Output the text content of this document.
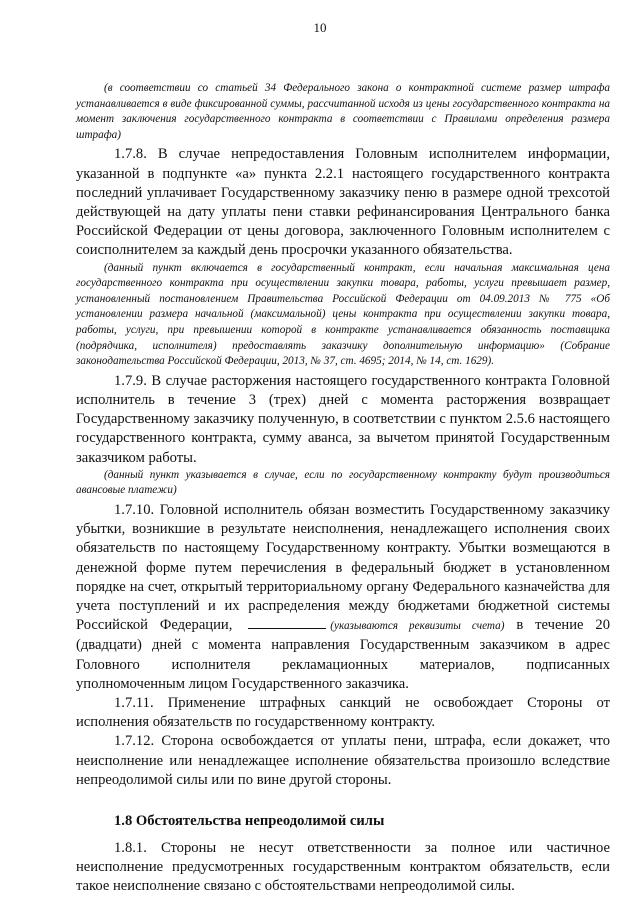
10

(в соответствии со статьей 34 Федерального закона о контрактной системе размер штрафа устанавливается в виде фиксированной суммы, рассчитанной исходя из цены государственного контракта на момент заключения государственного контракта в соответствии с Правилами определения размера штрафа)

1.7.8. В случае непредоставления Головным исполнителем информации, указанной в подпункте «а» пункта 2.2.1 настоящего государственного контракта последний уплачивает Государственному заказчику пеню в размере одной трехсотой действующей на дату уплаты пени ставки рефинансирования Центрального банка Российской Федерации от цены договора, заключенного Головным исполнителем с соисполнителем за каждый день просрочки указанного обязательства.

(данный пункт включается в государственный контракт, если начальная максимальная цена государственного контракта при осуществлении закупки товара, работы, услуги превышает размер, установленный постановлением Правительства Российской Федерации от 04.09.2013 № 775 «Об установлении размера начальной (максимальной) цены контракта при осуществлении закупки товара, работы, услуги, при превышении которой в контракте устанавливается обязанность поставщика (подрядчика, исполнителя) предоставлять заказчику дополнительную информацию» (Собрание законодательства Российской Федерации, 2013, № 37, ст. 4695; 2014, № 14, ст. 1629).

1.7.9. В случае расторжения настоящего государственного контракта Головной исполнитель в течение 3 (трех) дней с момента расторжения возвращает Государственному заказчику полученную, в соответствии с пунктом 2.5.6 настоящего государственного контракта, сумму аванса, за вычетом принятой Государственным заказчиком работы.

(данный пункт указывается в случае, если по государственному контракту будут производиться авансовые платежи)

1.7.10. Головной исполнитель обязан возместить Государственному заказчику убытки, возникшие в результате неисполнения, ненадлежащего исполнения своих обязательств по настоящему Государственному контракту. Убытки возмещаются в денежной форме путем перечисления в федеральный бюджет в установленном порядке на счет, открытый территориальному органу Федерального казначейства для учета поступлений и их распределения между бюджетами бюджетной системы Российской Федерации,	(указываются реквизиты счета) в течение 20 (двадцати) дней с момента направления Государственным заказчиком в адрес Головного исполнителя рекламационных материалов, подписанных уполномоченным лицом Государственного заказчика.

1.7.11. Применение штрафных санкций не освобождает Стороны от исполнения обязательств по государственному контракту.

1.7.12. Сторона освобождается от уплаты пени, штрафа, если докажет, что неисполнение или ненадлежащее исполнение обязательства произошло вследствие непреодолимой силы или по вине другой стороны.

1.8 Обстоятельства непреодолимой силы

1.8.1. Стороны не несут ответственности за полное или частичное неисполнение предусмотренных государственным контрактом обязательств, если такое неисполнение связано с обстоятельствами непреодолимой силы.
